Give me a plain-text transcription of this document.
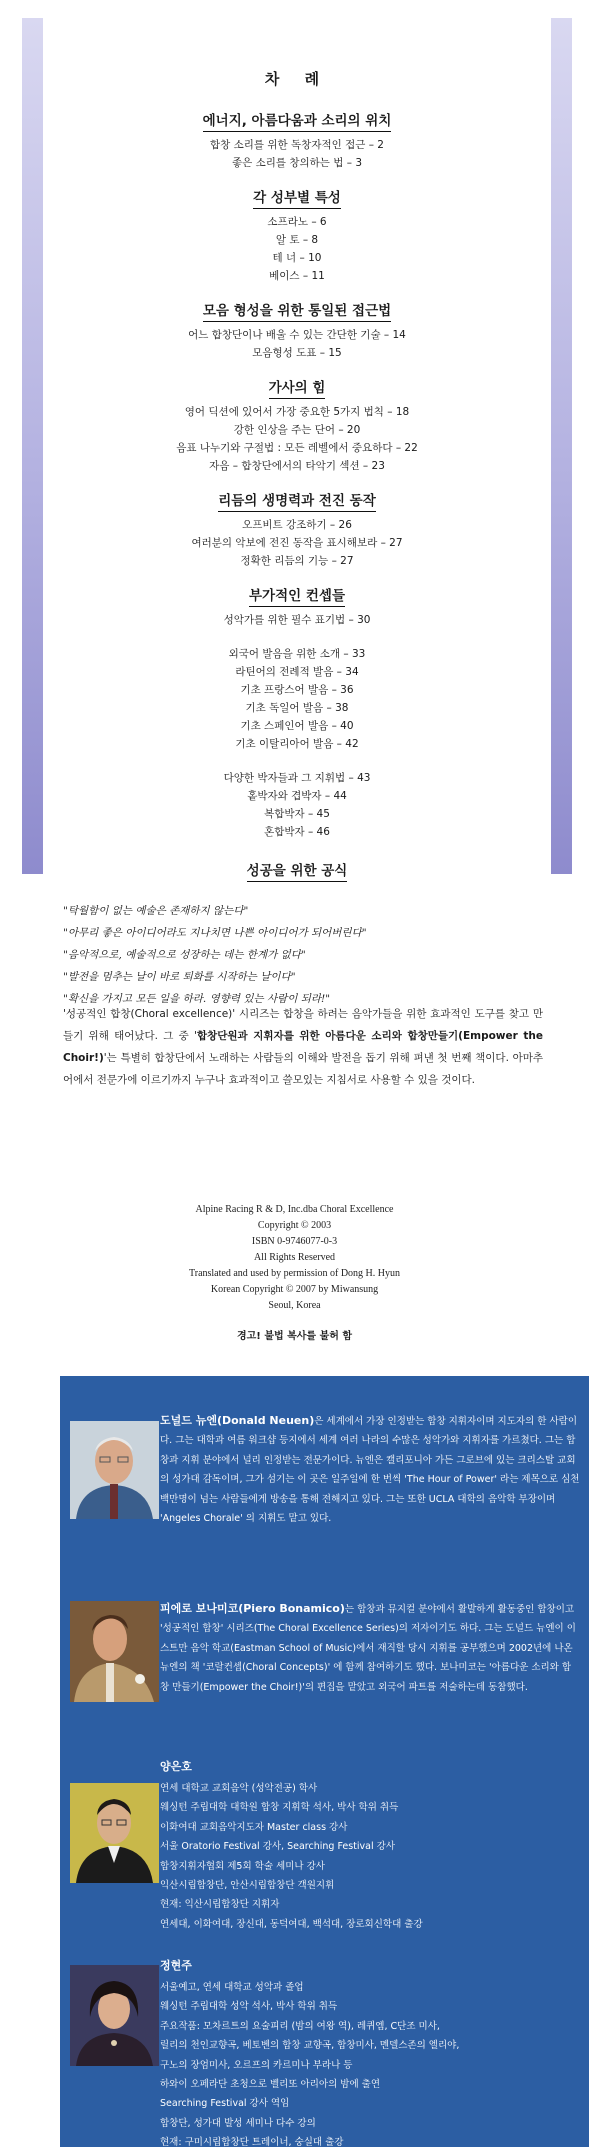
차 례
에너지, 아름다움과 소리의 위치
합창 소리를 위한 독창자적인 접근 – 2
좋은 소리를 창의하는 법 – 3
각 성부별 특성
소프라노 – 6
알 토 – 8
테 너 – 10
베이스 – 11
모음 형성을 위한 통일된 접근법
어느 합창단이나 배울 수 있는 간단한 기술 – 14
모음형성 도표 – 15
가사의 힘
영어 딕션에 있어서 가장 중요한 5가지 법칙 – 18
강한 인상을 주는 단어 – 20
음표 나누기와 구절법 : 모든 레벨에서 중요하다 – 22
자음 – 합창단에서의 타악기 섹션 – 23
리듬의 생명력과 전진 동작
오프비트 강조하기 – 26
여러분의 악보에 전진 동작을 표시해보라 – 27
정확한 리듬의 기능 – 27
부가적인 컨셉들
성악가를 위한 필수 표기법 – 30
외국어 발음을 위한 소개 – 33
라틴어의 전례적 발음 – 34
기초 프랑스어 발음 – 36
기초 독일어 발음 – 38
기초 스페인어 발음 – 40
기초 이탈리아어 발음 – 42
다양한 박자들과 그 지휘법 – 43
홑박자와 겹박자 – 44
복합박자 – 45
혼합박자 – 46
성공을 위한 공식
"탁월함이 없는 예술은 존재하지 않는다"
"아무리 좋은 아이디어라도 지나치면 나쁜 아이디어가 되어버린다"
"음악적으로, 예술적으로 성장하는 데는 한계가 없다"
"발전을 멈추는 날이 바로 퇴화를 시작하는 날이다"
"확신을 가지고 모든 일을 하라. 영향력 있는 사람이 되라!"
'성공적인 합창(Choral excellence)' 시리즈는 합창을 하려는 음악가들을 위한 효과적인 도구를 찾고 만들기 위해 태어났다. 그 중 '합창단원과 지휘자를 위한 아름다운 소리와 합창만들기(Empower the Choir!)'는 특별히 합창단에서 노래하는 사람들의 이해와 발전을 돕기 위해 펴낸 첫 번째 책이다. 아마추어에서 전문가에 이르기까지 누구나 효과적이고 쓸모있는 지침서로 사용할 수 있을 것이다.
Alpine Racing R & D, Inc.dba Choral Excellence
Copyright © 2003
ISBN 0-9746077-0-3
All Rights Reserved
Translated and used by permission of Dong H. Hyun
Korean Copyright © 2007 by Miwansung
Seoul, Korea
경고! 불법 복사를 불허 함
도널드 뉴엔(Donald Neuen)은 세계에서 가장 인정받는 합창 지휘자이며 지도자의 한 사람이다. 그는 대학과 여름 워크샵 등지에서 세계 여러 나라의 수많은 성악가와 지휘자를 가르쳤다. 그는 합창과 지휘 분야에서 널리 인정받는 전문가이다. 뉴엔은 캘리포니아 가든 그로브에 있는 크리스탈 교회의 성가대 감독이며, 그가 섬기는 이 곳은 일주일에 한 번씩 'The Hour of Power' 라는 제목으로 심천백만명이 넘는 사람들에게 방송을 통해 전해지고 있다. 그는 또한 UCLA 대학의 음악학 부장이며 'Angeles Chorale' 의 지휘도 맡고 있다.
피에로 보나미코(Piero Bonamico)는 합창과 뮤지컬 분야에서 활발하게 활동중인 합창이고 '성공적인 합창' 시리즈(The Choral Excellence Series)의 저자이기도 하다. 그는 도널드 뉴엔이 이스트만 음악 학교(Eastman School of Music)에서 재직할 당시 지휘를 공부했으며 2002년에 나온 뉴엔의 책 '코랄컨셉(Choral Concepts)' 에 함께 참여하기도 했다. 보나미코는 '아름다운 소리와 합창 만들기(Empower the Choir!)'의 편집을 맡았고 외국어 파트를 저술하는데 동참했다.
양은호
연세 대학교 교회음악 (성악전공) 학사
웨싱턴 주립대학 대학원 합창 지휘학 석사, 박사 학위 취득
이화여대 교회음악지도자 Master class 강사
서울 Oratorio Festival 강사, Searching Festival 강사
합창지휘자협회 제5회 학술 세미나 강사
익산시립합창단, 안산시립합창단 객원지휘
현재: 익산시립합창단 지휘자
연세대, 이화여대, 장신대, 동덕여대, 백석대, 장로회신학대 출강
정현주
서울예고, 연세 대학교 성악과 졸업
웨싱턴 주립대학 성악 석사, 박사 학위 취득
주요작품: 모차르트의 요술피리 (밤의 여왕 역), 레퀴엠, C단조 미사,
릴리의 천인교향곡, 베토벤의 합창 교향곡, 합창미사, 멘델스존의 엘리야,
구노의 장엄미사, 오르프의 카르미나 부라나 등
하와이 오페라단 초청으로 벨리또 아리아의 밤에 출연
Searching Festival 강사 역임
합창단, 성가대 발성 세미나 다수 강의
현재: 구미시립합창단 트레이너, 숭실대 출강
